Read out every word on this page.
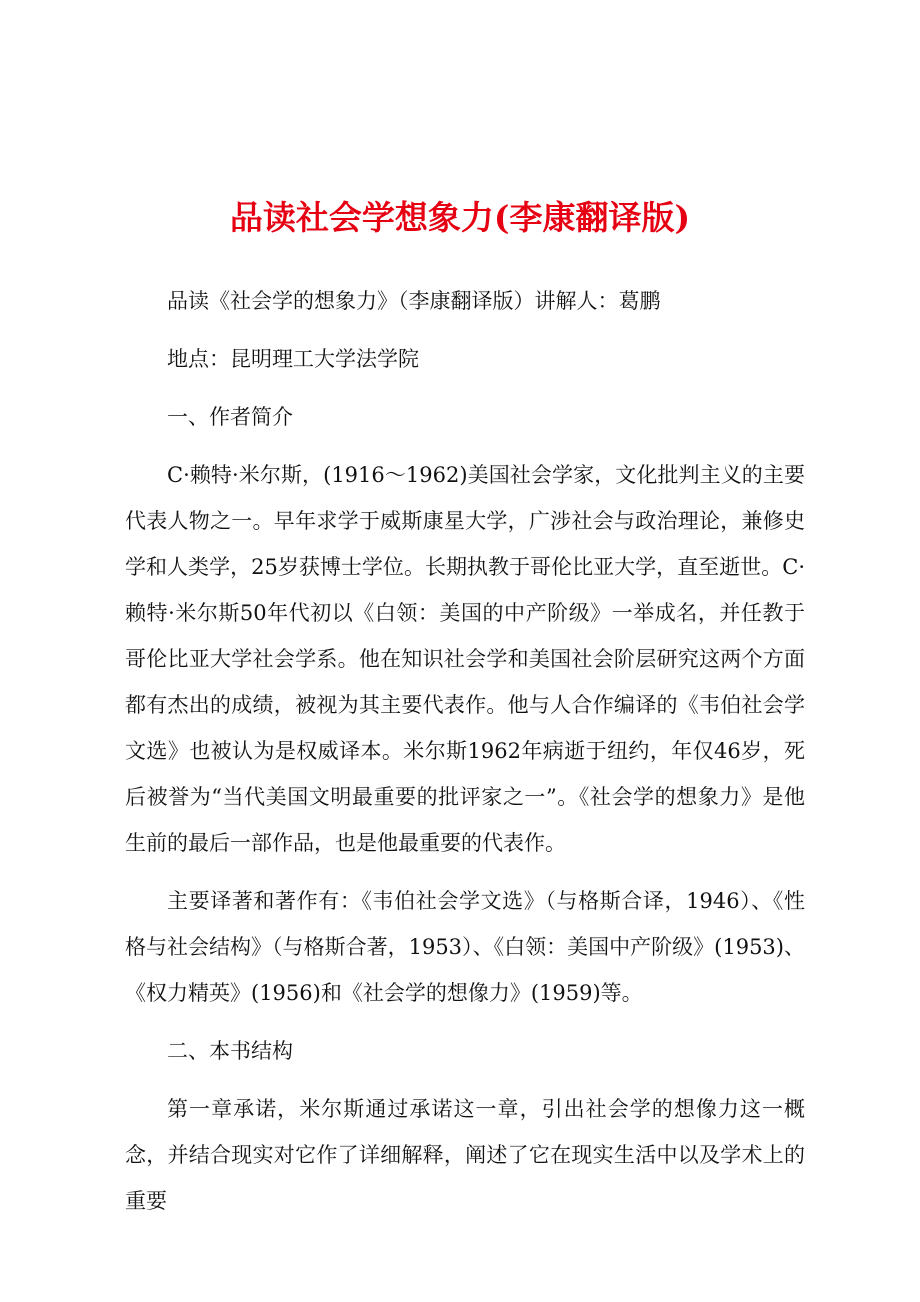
品读社会学想象力(李康翻译版)

品读《社会学的想象力》（李康翻译版）讲解人：葛鹏

地点：昆明理工大学法学院

一、作者简介

C·赖特·米尔斯，(1916～1962)美国社会学家，文化批判主义的主要代表人物之一。早年求学于威斯康星大学，广涉社会与政治理论，兼修史学和人类学，25岁获博士学位。长期执教于哥伦比亚大学，直至逝世。C·赖特·米尔斯50年代初以《白领：美国的中产阶级》一举成名，并任教于哥伦比亚大学社会学系。他在知识社会学和美国社会阶层研究这两个方面都有杰出的成绩，被视为其主要代表作。他与人合作编译的《韦伯社会学文选》也被认为是权威译本。米尔斯1962年病逝于纽约，年仅46岁，死后被誉为“当代美国文明最重要的批评家之一”。《社会学的想象力》是他生前的最后一部作品，也是他最重要的代表作。

主要译著和著作有：《韦伯社会学文选》（与格斯合译，1946）、《性格与社会结构》（与格斯合著，1953）、《白领：美国中产阶级》(1953)、《权力精英》(1956)和《社会学的想像力》(1959)等。

二、本书结构

第一章承诺，米尔斯通过承诺这一章，引出社会学的想像力这一概念，并结合现实对它作了详细解释，阐述了它在现实生活中以及学术上的重要
